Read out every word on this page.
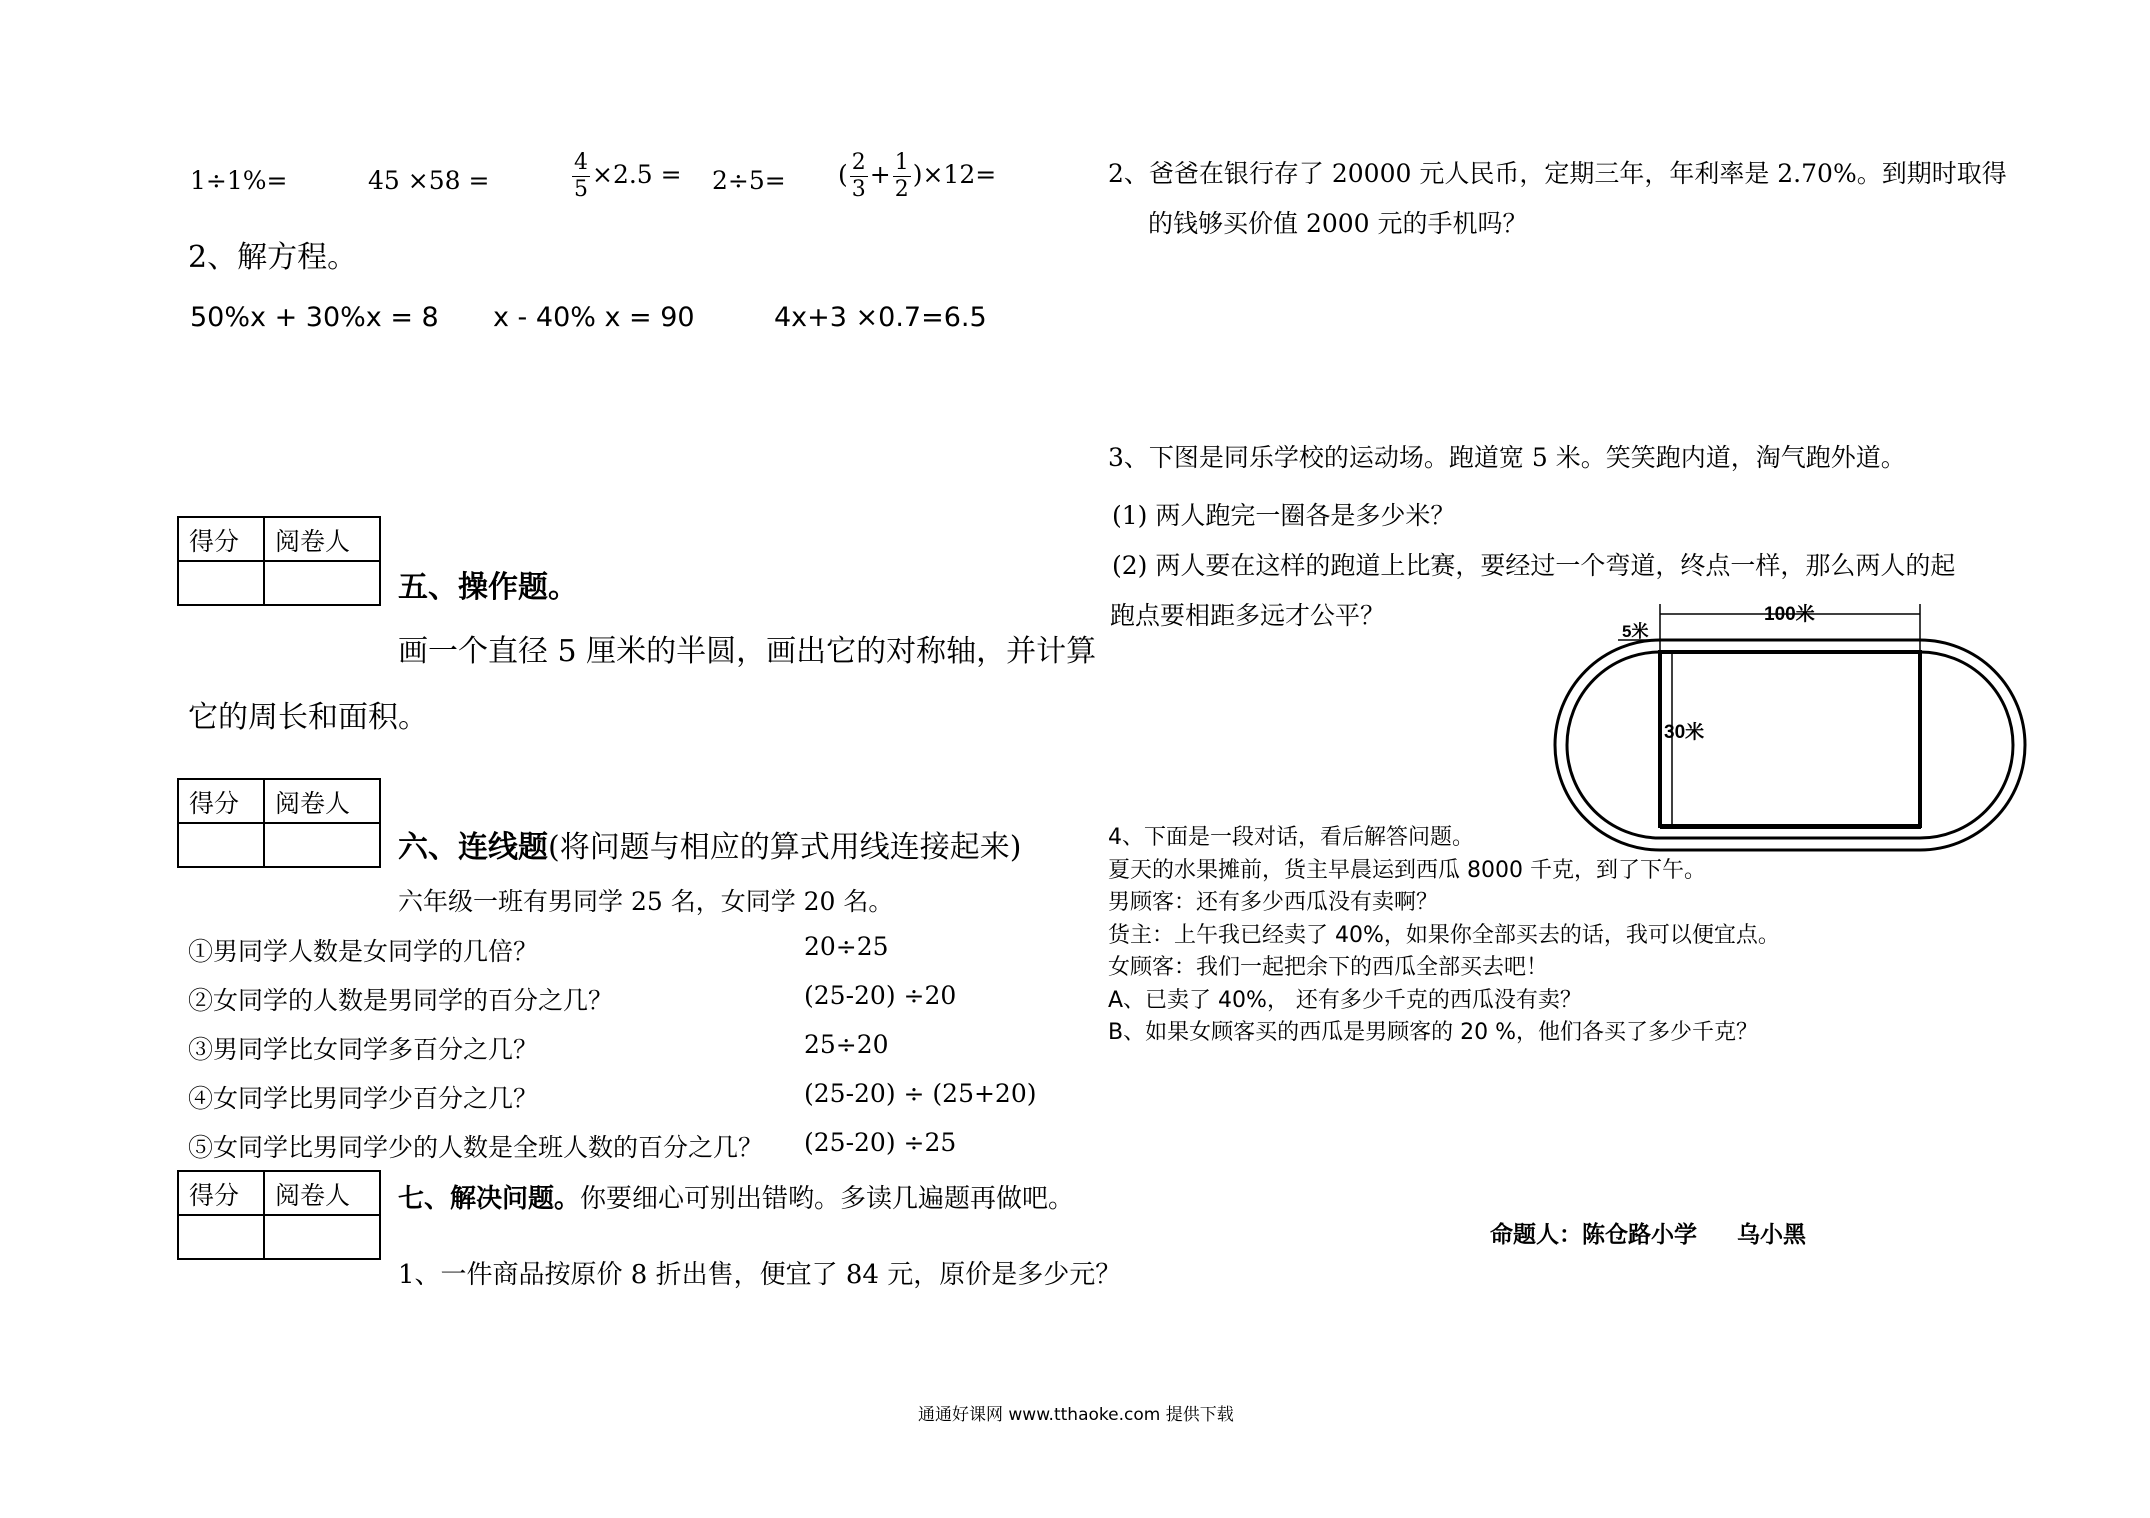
1÷1%=	45 ×58 =	$\frac{4}{5} \times 2.5 = 2\div 5=$ ( $\frac{2}{3} + \frac{1}{2} )\times 12=$
2、解方程。
50%x + 30%x = 8 x - 40% x = 90	4x+3 ×0.7=6.5
得分	阅卷人

五、操作题。
画一个直径 5 厘米的半圆，画出它的对称轴，并计算
它的周长和面积。
得分	阅卷人

六、连线题(将问题与相应的算式用线连接起来)
六年级一班有男同学 25 名，女同学 20 名。
①男同学人数是女同学的几倍？	20÷25
②女同学的人数是男同学的百分之几？	(25-20) ÷20
③男同学比女同学多百分之几？	25÷20
④女同学比男同学少百分之几？	(25-20) ÷ (25+20)
⑤女同学比男同学少的人数是全班人数的百分之几？ (25-20) ÷25
得分	阅卷人
	七、解决问题。你要细心可别出错哟。多读几遍题再做吧。
1、一件商品按原价 8 折出售，便宜了 84 元，原价是多少元？
2、爸爸在银行存了 20000 元人民币，定期三年，年利率是 2.70%。到期时取得
的钱够买价值 2000 元的手机吗？
3、下图是同乐学校的运动场。跑道宽 5 米。笑笑跑内道，淘气跑外道。
(1) 两人跑完一圈各是多少米？
(2) 两人要在这样的跑道上比赛，要经过一个弯道，终点一样，那么两人的起
跑点要相距多远才公平？	100米
5米
30米
4、下面是一段对话，看后解答问题。
夏天的水果摊前，货主早晨运到西瓜 8000 千克，到了下午。
男顾客：还有多少西瓜没有卖啊？
货主：上午我已经卖了 40%，如果你全部买去的话，我可以便宜点。
女顾客：我们一起把余下的西瓜全部买去吧！
A、已卖了 40%， 还有多少千克的西瓜没有卖？
B、如果女顾客买的西瓜是男顾客的 20 %，他们各买了多少千克？
命题人：陈仓路小学 乌小黑
通通好课网 www.tthaoke.com 提供下载
